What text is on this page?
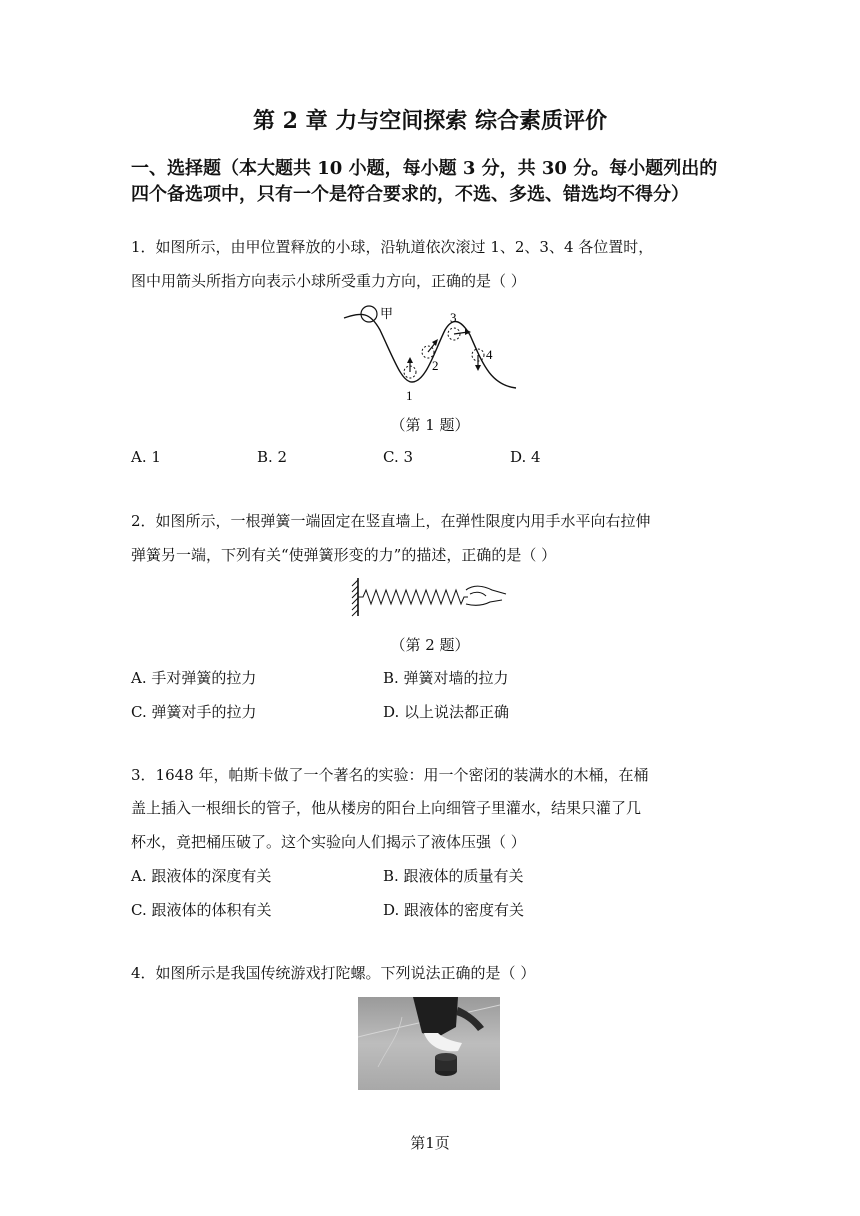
第 2 章 力与空间探索 综合素质评价
一、选择题（本大题共 10 小题，每小题 3 分，共 30 分。每小题列出的四个备选项中，只有一个是符合要求的，不选、多选、错选均不得分）
1．如图所示，由甲位置释放的小球，沿轨道依次滚过 1、2、3、4 各位置时，
图中用箭头所指方向表示小球所受重力方向，正确的是（ ）
甲
1
2
3
4
（第 1 题）
A. 1	B. 2	C. 3	D. 4
2．如图所示，一根弹簧一端固定在竖直墙上，在弹性限度内用手水平向右拉伸
弹簧另一端，下列有关“使弹簧形变的力”的描述，正确的是（ ）
（第 2 题）
A. 手对弹簧的拉力	B. 弹簧对墙的拉力
C. 弹簧对手的拉力	D. 以上说法都正确
3．1648 年，帕斯卡做了一个著名的实验：用一个密闭的装满水的木桶，在桶
盖上插入一根细长的管子，他从楼房的阳台上向细管子里灌水，结果只灌了几
杯水，竟把桶压破了。这个实验向人们揭示了液体压强（ ）
A. 跟液体的深度有关	B. 跟液体的质量有关
C. 跟液体的体积有关	D. 跟液体的密度有关
4．如图所示是我国传统游戏打陀螺。下列说法正确的是（ ）
第1页
